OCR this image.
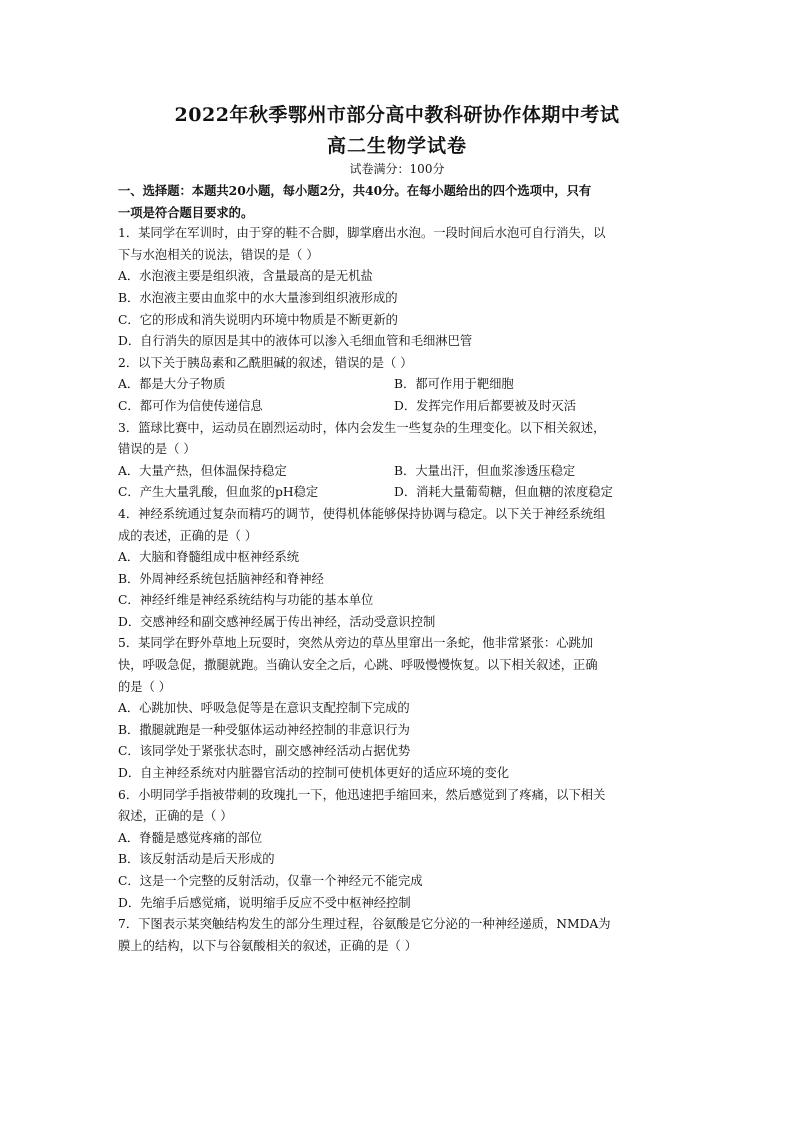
2022年秋季鄂州市部分高中教科研协作体期中考试
高二生物学试卷
试卷满分：100分
一、选择题：本题共20小题，每小题2分，共40分。在每小题给出的四个选项中，只有
一项是符合题目要求的。
1．某同学在军训时，由于穿的鞋不合脚，脚掌磨出水泡。一段时间后水泡可自行消失，以
下与水泡相关的说法，错误的是（ ）
A．水泡液主要是组织液，含量最高的是无机盐
B．水泡液主要由血浆中的水大量渗到组织液形成的
C．它的形成和消失说明内环境中物质是不断更新的
D．自行消失的原因是其中的液体可以渗入毛细血管和毛细淋巴管
2．以下关于胰岛素和乙酰胆碱的叙述，错误的是（ ）
A．都是大分子物质	B．都可作用于靶细胞
C．都可作为信使传递信息	D．发挥完作用后都要被及时灭活
3．篮球比赛中，运动员在剧烈运动时，体内会发生一些复杂的生理变化。以下相关叙述，
错误的是（ ）
A．大量产热，但体温保持稳定	B．大量出汗，但血浆渗透压稳定
C．产生大量乳酸，但血浆的pH稳定	D．消耗大量葡萄糖，但血糖的浓度稳定
4．神经系统通过复杂而精巧的调节，使得机体能够保持协调与稳定。以下关于神经系统组
成的表述，正确的是（ ）
A．大脑和脊髓组成中枢神经系统
B．外周神经系统包括脑神经和脊神经
C．神经纤维是神经系统结构与功能的基本单位
D．交感神经和副交感神经属于传出神经，活动受意识控制
5．某同学在野外草地上玩耍时，突然从旁边的草丛里窜出一条蛇，他非常紧张：心跳加
快，呼吸急促，撒腿就跑。当确认安全之后，心跳、呼吸慢慢恢复。以下相关叙述，正确
的是（ ）
A．心跳加快、呼吸急促等是在意识支配控制下完成的
B．撒腿就跑是一种受躯体运动神经控制的非意识行为
C．该同学处于紧张状态时，副交感神经活动占据优势
D．自主神经系统对内脏器官活动的控制可使机体更好的适应环境的变化
6．小明同学手指被带刺的玫瑰扎一下，他迅速把手缩回来，然后感觉到了疼痛，以下相关
叙述，正确的是（ ）
A．脊髓是感觉疼痛的部位
B．该反射活动是后天形成的
C．这是一个完整的反射活动，仅靠一个神经元不能完成
D．先缩手后感觉痛，说明缩手反应不受中枢神经控制
7．下图表示某突触结构发生的部分生理过程，谷氨酸是它分泌的一种神经递质，NMDA为
膜上的结构，以下与谷氨酸相关的叙述，正确的是（ ）
